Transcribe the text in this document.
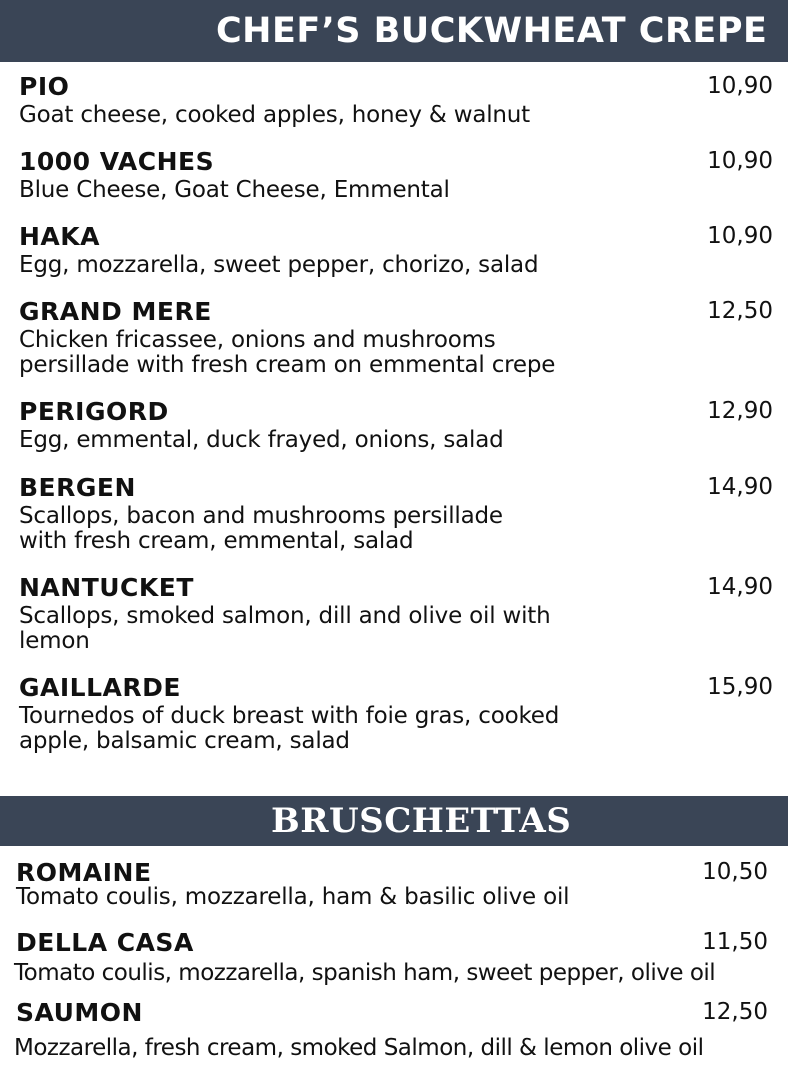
CHEF’S BUCKWHEAT CREPE
PIO	10,90
Goat cheese, cooked apples, honey & walnut
1000 VACHES	10,90
Blue Cheese, Goat Cheese, Emmental
HAKA	10,90
Egg, mozzarella, sweet pepper, chorizo, salad
GRAND MERE	12,50
Chicken fricassee, onions and mushrooms
persillade with fresh cream on emmental crepe
PERIGORD	12,90
Egg, emmental, duck frayed, onions, salad
BERGEN	14,90
Scallops, bacon and mushrooms persillade
with fresh cream, emmental, salad
NANTUCKET	14,90
Scallops, smoked salmon, dill and olive oil with
lemon
GAILLARDE	15,90
Tournedos of duck breast with foie gras, cooked
apple, balsamic cream, salad
BRUSCHETTAS
ROMAINE	10,50
Tomato coulis, mozzarella, ham & basilic olive oil
DELLA CASA	11,50
Tomato coulis, mozzarella, spanish ham, sweet pepper, olive oil
SAUMON	12,50
Mozzarella, fresh cream, smoked Salmon, dill & lemon olive oil
